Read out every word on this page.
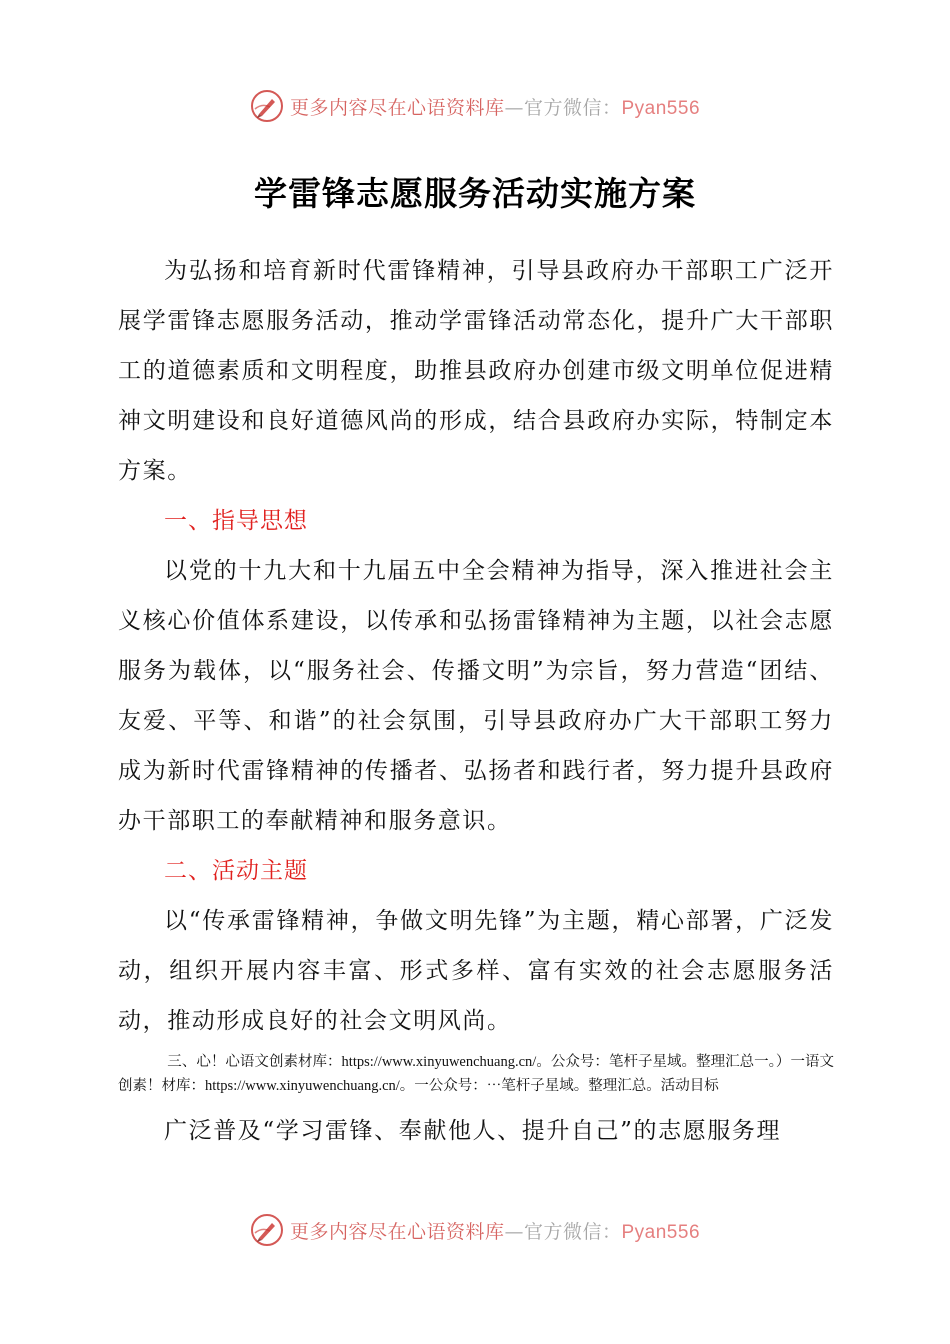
更多内容尽在心语资料库—官方微信：Pyan556
学雷锋志愿服务活动实施方案

为弘扬和培育新时代雷锋精神，引导县政府办干部职工广泛开展学雷锋志愿服务活动，推动学雷锋活动常态化，提升广大干部职工的道德素质和文明程度，助推县政府办创建市级文明单位促进精神文明建设和良好道德风尚的形成，结合县政府办实际，特制定本方案。

一、指导思想

以党的十九大和十九届五中全会精神为指导，深入推进社会主义核心价值体系建设，以传承和弘扬雷锋精神为主题，以社会志愿服务为载体，以“服务社会、传播文明”为宗旨，努力营造“团结、友爱、平等、和谐”的社会氛围，引导县政府办广大干部职工努力成为新时代雷锋精神的传播者、弘扬者和践行者，努力提升县政府办干部职工的奉献精神和服务意识。

二、活动主题

以“传承雷锋精神，争做文明先锋”为主题，精心部署，广泛发动，组织开展内容丰富、形式多样、富有实效的社会志愿服务活动，推动形成良好的社会文明风尚。

三、心！心语文创素材库：https://www.xinyuwenchuang.cn/。公众号：笔杆子星域。整理汇总一。）一语文创素！材库：https://www.xinyuwenchuang.cn/。一公众号：⋯笔杆子星域。整理汇总。活动目标

广泛普及“学习雷锋、奉献他人、提升自己”的志愿服务理

更多内容尽在心语资料库—官方微信：Pyan556
